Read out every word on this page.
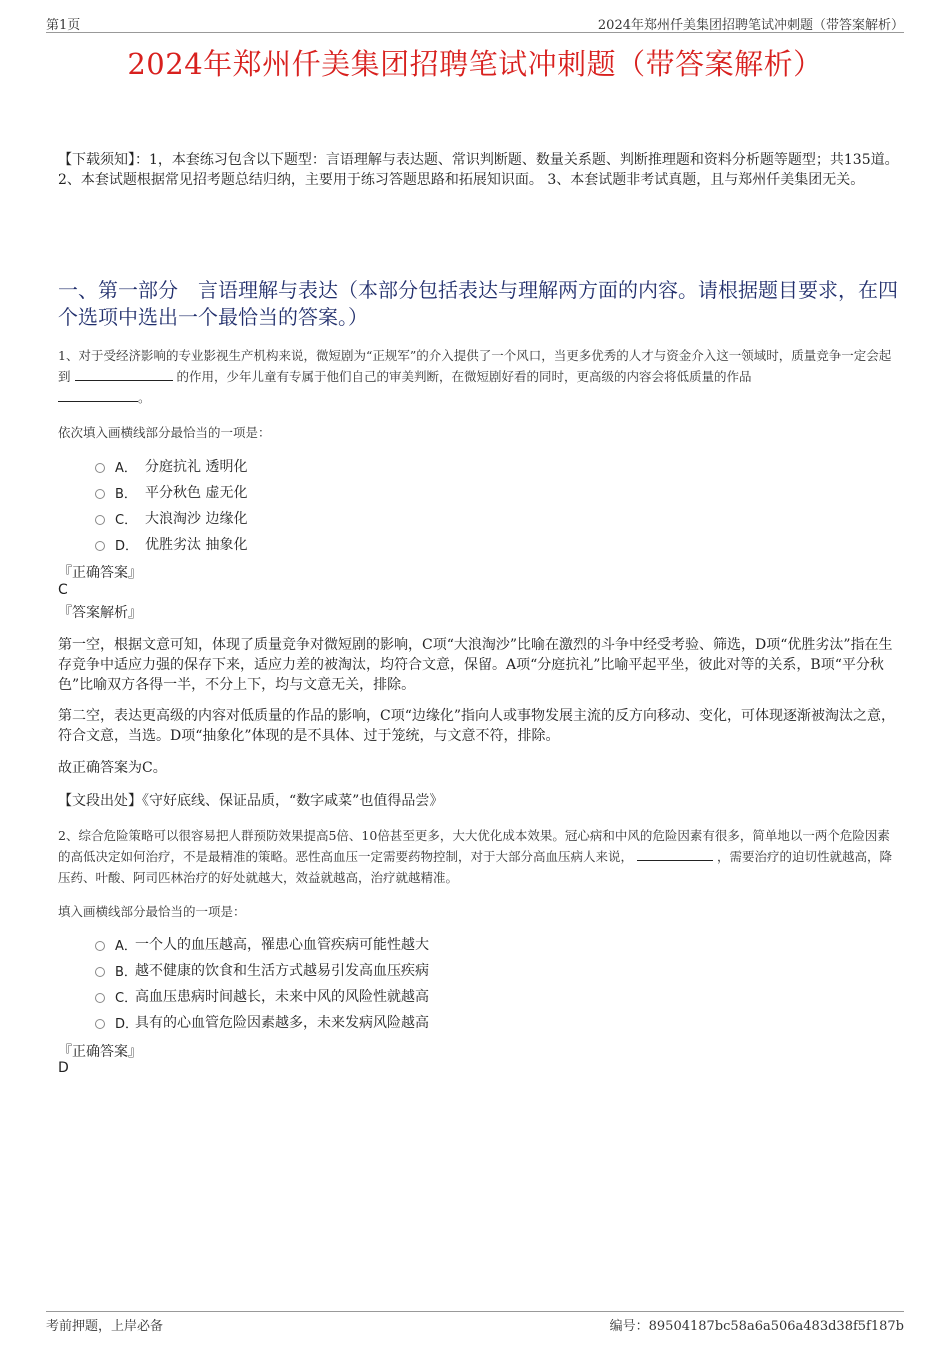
第1页	2024年郑州仟美集团招聘笔试冲刺题（带答案解析）
2024年郑州仟美集团招聘笔试冲刺题（带答案解析）
【下载须知】：1，本套练习包含以下题型：言语理解与表达题、常识判断题、数量关系题、判断推理题和资料分析题等题型；共135道。 2、本套试题根据常见招考题总结归纳，主要用于练习答题思路和拓展知识面。 3、本套试题非考试真题，且与郑州仟美集团无关。
一、第一部分　言语理解与表达（本部分包括表达与理解两方面的内容。请根据题目要求，在四个选项中选出一个最恰当的答案。）
1、对于受经济影响的专业影视生产机构来说，微短剧为“正规军”的介入提供了一个风口，当更多优秀的人才与资金介入这一领域时，质量竞争一定会起到	的作用，少年儿童有专属于他们自己的审美判断，在微短剧好看的同时，更高级的内容会将低质量的作品
。
依次填入画横线部分最恰当的一项是：
A． 分庭抗礼 透明化
B． 平分秋色 虚无化
C． 大浪淘沙 边缘化
D． 优胜劣汰 抽象化
『正确答案』
C
『答案解析』
第一空，根据文意可知，体现了质量竞争对微短剧的影响，C项“大浪淘沙”比喻在激烈的斗争中经受考验、筛选，D项“优胜劣汰”指在生存竞争中适应力强的保存下来，适应力差的被淘汰，均符合文意，保留。A项“分庭抗礼”比喻平起平坐，彼此对等的关系，B项“平分秋色”比喻双方各得一半，不分上下，均与文意无关，排除。
第二空，表达更高级的内容对低质量的作品的影响，C项“边缘化”指向人或事物发展主流的反方向移动、变化，可体现逐渐被淘汰之意，符合文意，当选。D项“抽象化”体现的是不具体、过于笼统，与文意不符，排除。
故正确答案为C。
【文段出处】《守好底线、保证品质，“数字咸菜”也值得品尝》
2、综合危险策略可以很容易把人群预防效果提高5倍、10倍甚至更多，大大优化成本效果。冠心病和中风的危险因素有很多，简单地以一两个危险因素的高低决定如何治疗，不是最精准的策略。恶性高血压一定需要药物控制，对于大部分高血压病人来说，	，需要治疗的迫切性就越高，降压药、叶酸、阿司匹林治疗的好处就越大，效益就越高，治疗就越精准。
填入画横线部分最恰当的一项是：
A．
一个人的血压越高，罹患心血管疾病可能性越大
B．
越不健康的饮食和生活方式越易引发高血压疾病
C．
高血压患病时间越长，未来中风的风险性就越高
D．
具有的心血管危险因素越多，未来发病风险越高
『正确答案』
D
考前押题，上岸必备	编号：89504187bc58a6a506a483d38f5f187b
